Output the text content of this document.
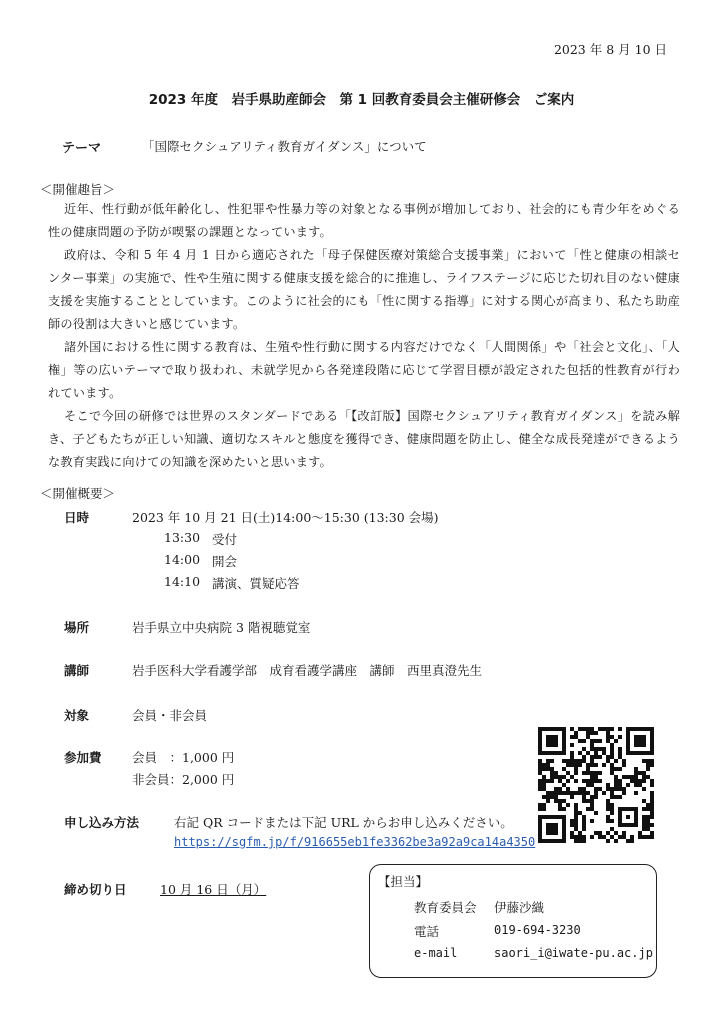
2023 年 8 月 10 日
2023 年度　岩手県助産師会　第 1 回教育委員会主催研修会　ご案内
テーマ	「国際セクシュアリティ教育ガイダンス」について
＜開催趣旨＞
近年、性行動が低年齢化し、性犯罪や性暴力等の対象となる事例が増加しており、社会的にも青少年をめぐる性の健康問題の予防が喫緊の課題となっています。
政府は、令和 5 年 4 月 1 日から適応された「母子保健医療対策総合支援事業」において「性と健康の相談センター事業」の実施で、性や生殖に関する健康支援を総合的に推進し、ライフステージに応じた切れ目のない健康支援を実施することとしています。このように社会的にも「性に関する指導」に対する関心が高まり、私たち助産師の役割は大きいと感じています。
諸外国における性に関する教育は、生殖や性行動に関する内容だけでなく「人間関係」や「社会と文化」、「人権」等の広いテーマで取り扱われ、未就学児から各発達段階に応じて学習目標が設定された包括的性教育が行われています。
そこで今回の研修では世界のスタンダードである「【改訂版】国際セクシュアリティ教育ガイダンス」を読み解き、子どもたちが正しい知識、適切なスキルと態度を獲得でき、健康問題を防止し、健全な成長発達ができるような教育実践に向けての知識を深めたいと思います。
＜開催概要＞
日時	2023 年 10 月 21 日(土)14:00～15:30 (13:30 会場)
13:30 受付
14:00 開会
14:10 講演、質疑応答
場所	岩手県立中央病院 3 階視聴覚室
講師	岩手医科大学看護学部　成育看護学講座　講師　西里真澄先生
対象	会員・非会員
参加費 会員　：1,000 円
非会員：2,000 円
申し込み方法	右記 QR コードまたは下記 URL からお申し込みください。
https://sgfm.jp/f/916655eb1fe3362be3a92a9ca14a4350
締め切り日	10 月 16 日（月）
【担当】
教育委員会 伊藤沙織
電話	019-694-3230
e-mail	saori_i@iwate-pu.ac.jp
